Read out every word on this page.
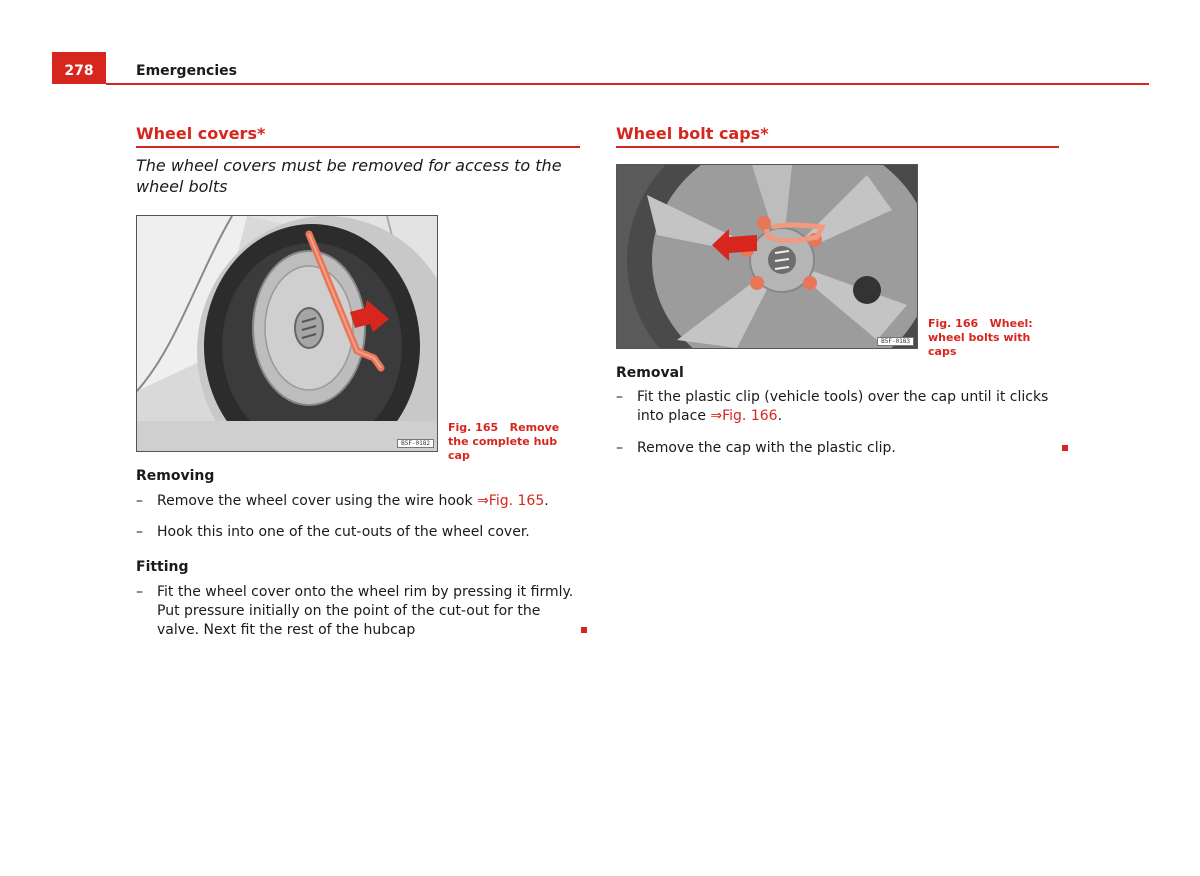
278	Emergencies
Wheel covers*
The wheel covers must be removed for access to the wheel bolts
B5F-0182
Fig. 165 Remove the complete hub cap
Removing
– Remove the wheel cover using the wire hook ⇒Fig. 165.
– Hook this into one of the cut-outs of the wheel cover.
Fitting
– Fit the wheel cover onto the wheel rim by pressing it firmly. Put pressure initially on the point of the cut-out for the valve. Next fit the rest of the hubcap
Wheel bolt caps*
B5F-0183
Fig. 166 Wheel: wheel bolts with caps
Removal
– Fit the plastic clip (vehicle tools) over the cap until it clicks into place ⇒Fig. 166.
– Remove the cap with the plastic clip.
